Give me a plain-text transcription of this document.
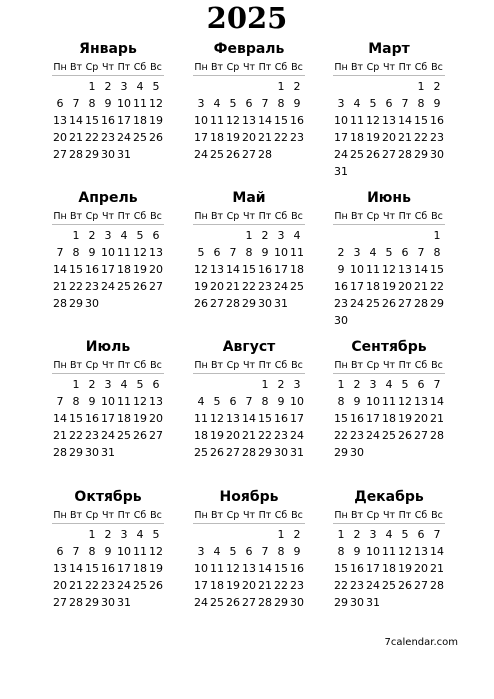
2025
Январь
Пн Вт Ср Чт Пт Сб Вс
1 2 3 4 5
6 7 8 9 10 11 12
13 14 15 16 17 18 19
20 21 22 23 24 25 26
27 28 29 30 31
Февраль
Пн Вт Ср Чт Пт Сб Вс
1 2
3 4 5 6 7 8 9
10 11 12 13 14 15 16
17 18 19 20 21 22 23
24 25 26 27 28
Март
Пн Вт Ср Чт Пт Сб Вс
1 2
3 4 5 6 7 8 9
10 11 12 13 14 15 16
17 18 19 20 21 22 23
24 25 26 27 28 29 30
31
Апрель
Пн Вт Ср Чт Пт Сб Вс
1 2 3 4 5 6
7 8 9 10 11 12 13
14 15 16 17 18 19 20
21 22 23 24 25 26 27
28 29 30
Май
Пн Вт Ср Чт Пт Сб Вс
1 2 3 4
5 6 7 8 9 10 11
12 13 14 15 16 17 18
19 20 21 22 23 24 25
26 27 28 29 30 31
Июнь
Пн Вт Ср Чт Пт Сб Вс
1
2 3 4 5 6 7 8
9 10 11 12 13 14 15
16 17 18 19 20 21 22
23 24 25 26 27 28 29
30
Июль
Пн Вт Ср Чт Пт Сб Вс
1 2 3 4 5 6
7 8 9 10 11 12 13
14 15 16 17 18 19 20
21 22 23 24 25 26 27
28 29 30 31
Август
Пн Вт Ср Чт Пт Сб Вс
1 2 3
4 5 6 7 8 9 10
11 12 13 14 15 16 17
18 19 20 21 22 23 24
25 26 27 28 29 30 31
Сентябрь
Пн Вт Ср Чт Пт Сб Вс
1 2 3 4 5 6 7
8 9 10 11 12 13 14
15 16 17 18 19 20 21
22 23 24 25 26 27 28
29 30
Октябрь
Пн Вт Ср Чт Пт Сб Вс
1 2 3 4 5
6 7 8 9 10 11 12
13 14 15 16 17 18 19
20 21 22 23 24 25 26
27 28 29 30 31
Ноябрь
Пн Вт Ср Чт Пт Сб Вс
1 2
3 4 5 6 7 8 9
10 11 12 13 14 15 16
17 18 19 20 21 22 23
24 25 26 27 28 29 30
Декабрь
Пн Вт Ср Чт Пт Сб Вс
1 2 3 4 5 6 7
8 9 10 11 12 13 14
15 16 17 18 19 20 21
22 23 24 25 26 27 28
29 30 31
7calendar.com
